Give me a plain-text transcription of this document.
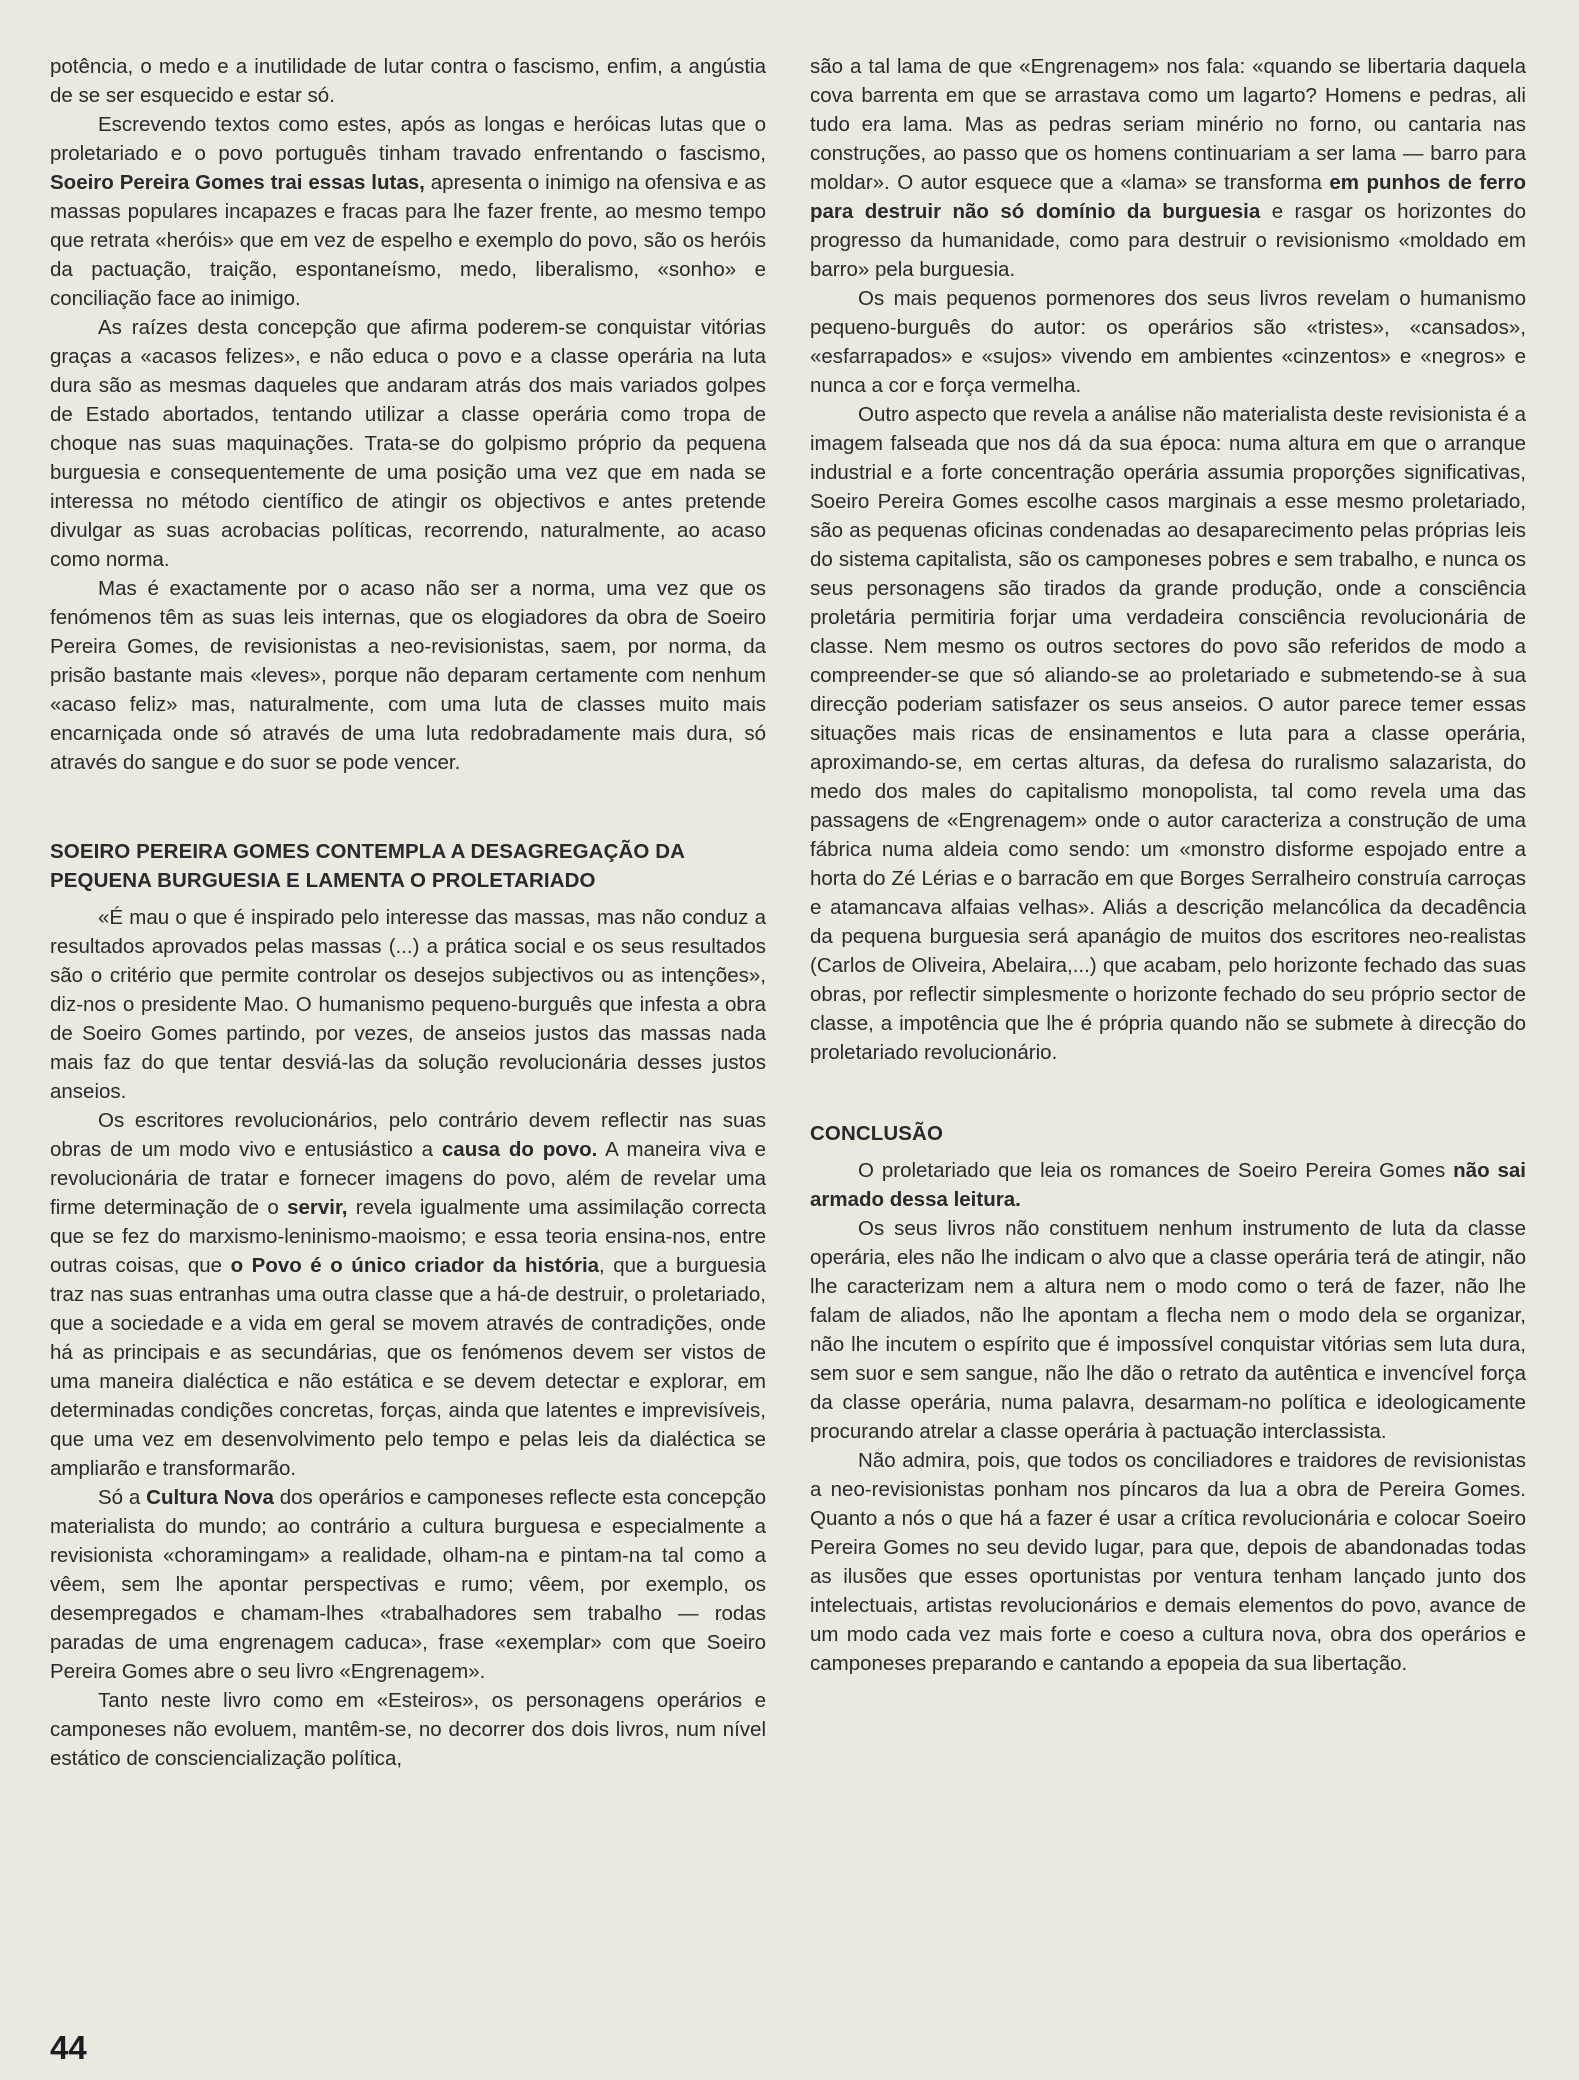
potência, o medo e a inutilidade de lutar contra o fascismo, enfim, a angústia de se ser esquecido e estar só.

Escrevendo textos como estes, após as longas e heróicas lutas que o proletariado e o povo português tinham travado enfrentando o fascismo, Soeiro Pereira Gomes trai essas lutas, apresenta o inimigo na ofensiva e as massas populares incapazes e fracas para lhe fazer frente, ao mesmo tempo que retrata «heróis» que em vez de espelho e exemplo do povo, são os heróis da pactuação, traição, espontaneísmo, medo, liberalismo, «sonho» e conciliação face ao inimigo.

As raízes desta concepção que afirma poderem-se conquistar vitórias graças a «acasos felizes», e não educa o povo e a classe operária na luta dura são as mesmas daqueles que andaram atrás dos mais variados golpes de Estado abortados, tentando utilizar a classe operária como tropa de choque nas suas maquinações. Trata-se do golpismo próprio da pequena burguesia e consequentemente de uma posição uma vez que em nada se interessa no método científico de atingir os objectivos e antes pretende divulgar as suas acrobacias políticas, recorrendo, naturalmente, ao acaso como norma.

Mas é exactamente por o acaso não ser a norma, uma vez que os fenómenos têm as suas leis internas, que os elogiadores da obra de Soeiro Pereira Gomes, de revisionistas a neo-revisionistas, saem, por norma, da prisão bastante mais «leves», porque não deparam certamente com nenhum «acaso feliz» mas, naturalmente, com uma luta de classes muito mais encarniçada onde só através de uma luta redobradamente mais dura, só através do sangue e do suor se pode vencer.

SOEIRO PEREIRA GOMES CONTEMPLA A DESAGREGAÇÃO DA PEQUENA BURGUESIA E LAMENTA O PROLETARIADO

«É mau o que é inspirado pelo interesse das massas, mas não conduz a resultados aprovados pelas massas (...) a prática social e os seus resultados são o critério que permite controlar os desejos subjectivos ou as intenções», diz-nos o presidente Mao. O humanismo pequeno-burguês que infesta a obra de Soeiro Gomes partindo, por vezes, de anseios justos das massas nada mais faz do que tentar desviá-las da solução revolucionária desses justos anseios.

Os escritores revolucionários, pelo contrário devem reflectir nas suas obras de um modo vivo e entusiástico a causa do povo. A maneira viva e revolucionária de tratar e fornecer imagens do povo, além de revelar uma firme determinação de o servir, revela igualmente uma assimilação correcta que se fez do marxismo-leninismo-maoismo; e essa teoria ensina-nos, entre outras coisas, que o Povo é o único criador da história, que a burguesia traz nas suas entranhas uma outra classe que a há-de destruir, o proletariado, que a sociedade e a vida em geral se movem através de contradições, onde há as principais e as secundárias, que os fenómenos devem ser vistos de uma maneira dialéctica e não estática e se devem detectar e explorar, em determinadas condições concretas, forças, ainda que latentes e imprevisíveis, que uma vez em desenvolvimento pelo tempo e pelas leis da dialéctica se ampliarão e transformarão.

Só a Cultura Nova dos operários e camponeses reflecte esta concepção materialista do mundo; ao contrário a cultura burguesa e especialmente a revisionista «choramingam» a realidade, olham-na e pintam-na tal como a vêem, sem lhe apontar perspectivas e rumo; vêem, por exemplo, os desempregados e chamam-lhes «trabalhadores sem trabalho — rodas paradas de uma engrenagem caduca», frase «exemplar» com que Soeiro Pereira Gomes abre o seu livro «Engrenagem».

Tanto neste livro como em «Esteiros», os personagens operários e camponeses não evoluem, mantêm-se, no decorrer dos dois livros, num nível estático de consciencialização política,

são a tal lama de que «Engrenagem» nos fala: «quando se libertaria daquela cova barrenta em que se arrastava como um lagarto? Homens e pedras, ali tudo era lama. Mas as pedras seriam minério no forno, ou cantaria nas construções, ao passo que os homens continuariam a ser lama — barro para moldar». O autor esquece que a «lama» se transforma em punhos de ferro para destruir não só domínio da burguesia e rasgar os horizontes do progresso da humanidade, como para destruir o revisionismo «moldado em barro» pela burguesia.

Os mais pequenos pormenores dos seus livros revelam o humanismo pequeno-burguês do autor: os operários são «tristes», «cansados», «esfarrapados» e «sujos» vivendo em ambientes «cinzentos» e «negros» e nunca a cor e força vermelha.

Outro aspecto que revela a análise não materialista deste revisionista é a imagem falseada que nos dá da sua época: numa altura em que o arranque industrial e a forte concentração operária assumia proporções significativas, Soeiro Pereira Gomes escolhe casos marginais a esse mesmo proletariado, são as pequenas oficinas condenadas ao desaparecimento pelas próprias leis do sistema capitalista, são os camponeses pobres e sem trabalho, e nunca os seus personagens são tirados da grande produção, onde a consciência proletária permitiria forjar uma verdadeira consciência revolucionária de classe. Nem mesmo os outros sectores do povo são referidos de modo a compreender-se que só aliando-se ao proletariado e submetendo-se à sua direcção poderiam satisfazer os seus anseios. O autor parece temer essas situações mais ricas de ensinamentos e luta para a classe operária, aproximando-se, em certas alturas, da defesa do ruralismo salazarista, do medo dos males do capitalismo monopolista, tal como revela uma das passagens de «Engrenagem» onde o autor caracteriza a construção de uma fábrica numa aldeia como sendo: um «monstro disforme espojado entre a horta do Zé Lérias e o barracão em que Borges Serralheiro construía carroças e atamancava alfaias velhas». Aliás a descrição melancólica da decadência da pequena burguesia será apanágio de muitos dos escritores neo-realistas (Carlos de Oliveira, Abelaira,...) que acabam, pelo horizonte fechado das suas obras, por reflectir simplesmente o horizonte fechado do seu próprio sector de classe, a impotência que lhe é própria quando não se submete à direcção do proletariado revolucionário.

CONCLUSÃO

O proletariado que leia os romances de Soeiro Pereira Gomes não sai armado dessa leitura.

Os seus livros não constituem nenhum instrumento de luta da classe operária, eles não lhe indicam o alvo que a classe operária terá de atingir, não lhe caracterizam nem a altura nem o modo como o terá de fazer, não lhe falam de aliados, não lhe apontam a flecha nem o modo dela se organizar, não lhe incutem o espírito que é impossível conquistar vitórias sem luta dura, sem suor e sem sangue, não lhe dão o retrato da autêntica e invencível força da classe operária, numa palavra, desarmam-no política e ideologicamente procurando atrelar a classe operária à pactuação interclassista.

Não admira, pois, que todos os conciliadores e traidores de revisionistas a neo-revisionistas ponham nos píncaros da lua a obra de Pereira Gomes. Quanto a nós o que há a fazer é usar a crítica revolucionária e colocar Soeiro Pereira Gomes no seu devido lugar, para que, depois de abandonadas todas as ilusões que esses oportunistas por ventura tenham lançado junto dos intelectuais, artistas revolucionários e demais elementos do povo, avance de um modo cada vez mais forte e coeso a cultura nova, obra dos operários e camponeses preparando e cantando a epopeia da sua libertação.

44
